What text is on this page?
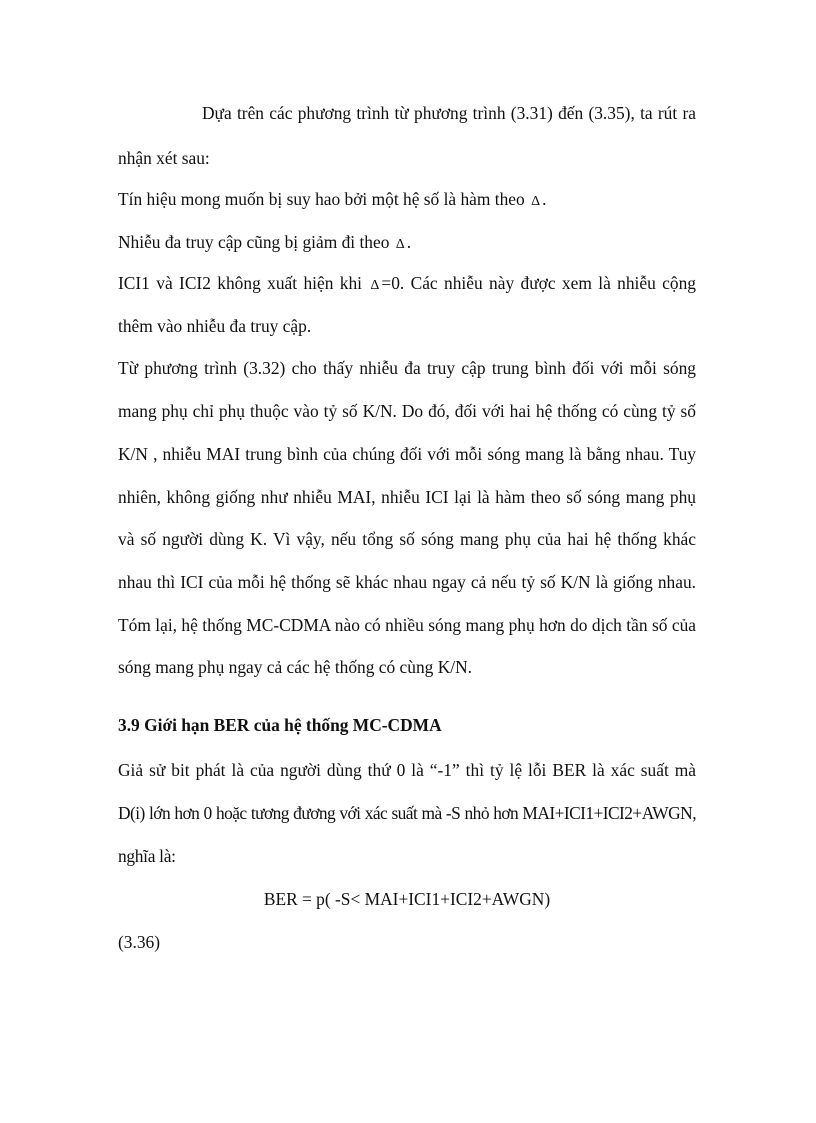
Dựa trên các phương trình từ phương trình (3.31) đến (3.35), ta rút ra
nhận xét sau:
Tín hiệu mong muốn bị suy hao bởi một hệ số là hàm theo Δ .
Nhiễu đa truy cập cũng bị giảm đi theo Δ .
ICI1 và ICI2 không xuất hiện khi Δ =0. Các nhiễu này được xem là nhiễu cộng
thêm vào nhiễu đa truy cập.
Từ phương trình (3.32) cho thấy nhiễu đa truy cập trung bình đối với mỗi sóng
mang phụ chỉ phụ thuộc vào tỷ số K/N. Do đó, đối với hai hệ thống có cùng tỷ số
K/N , nhiễu MAI trung bình của chúng đối với mỗi sóng mang là bằng nhau. Tuy
nhiên, không giống như nhiễu MAI, nhiễu ICI lại là hàm theo số sóng mang phụ
và số người dùng K. Vì vậy, nếu tổng số sóng mang phụ của hai hệ thống khác
nhau thì ICI của mỗi hệ thống sẽ khác nhau ngay cả nếu tỷ số K/N là giống nhau.
Tóm lại, hệ thống MC-CDMA nào có nhiều sóng mang phụ hơn do dịch tần số của
sóng mang phụ ngay cả các hệ thống có cùng K/N.
3.9 Giới hạn BER của hệ thống MC-CDMA
Giả sử bit phát là của người dùng thứ 0 là “-1” thì tỷ lệ lỗi BER là xác suất mà
D(i) lớn hơn 0 hoặc tương đương với xác suất mà -S nhỏ hơn MAI+ICI1+ICI2+AWGN,
nghĩa là:
BER = p( -S< MAI+ICI1+ICI2+AWGN)
(3.36)
